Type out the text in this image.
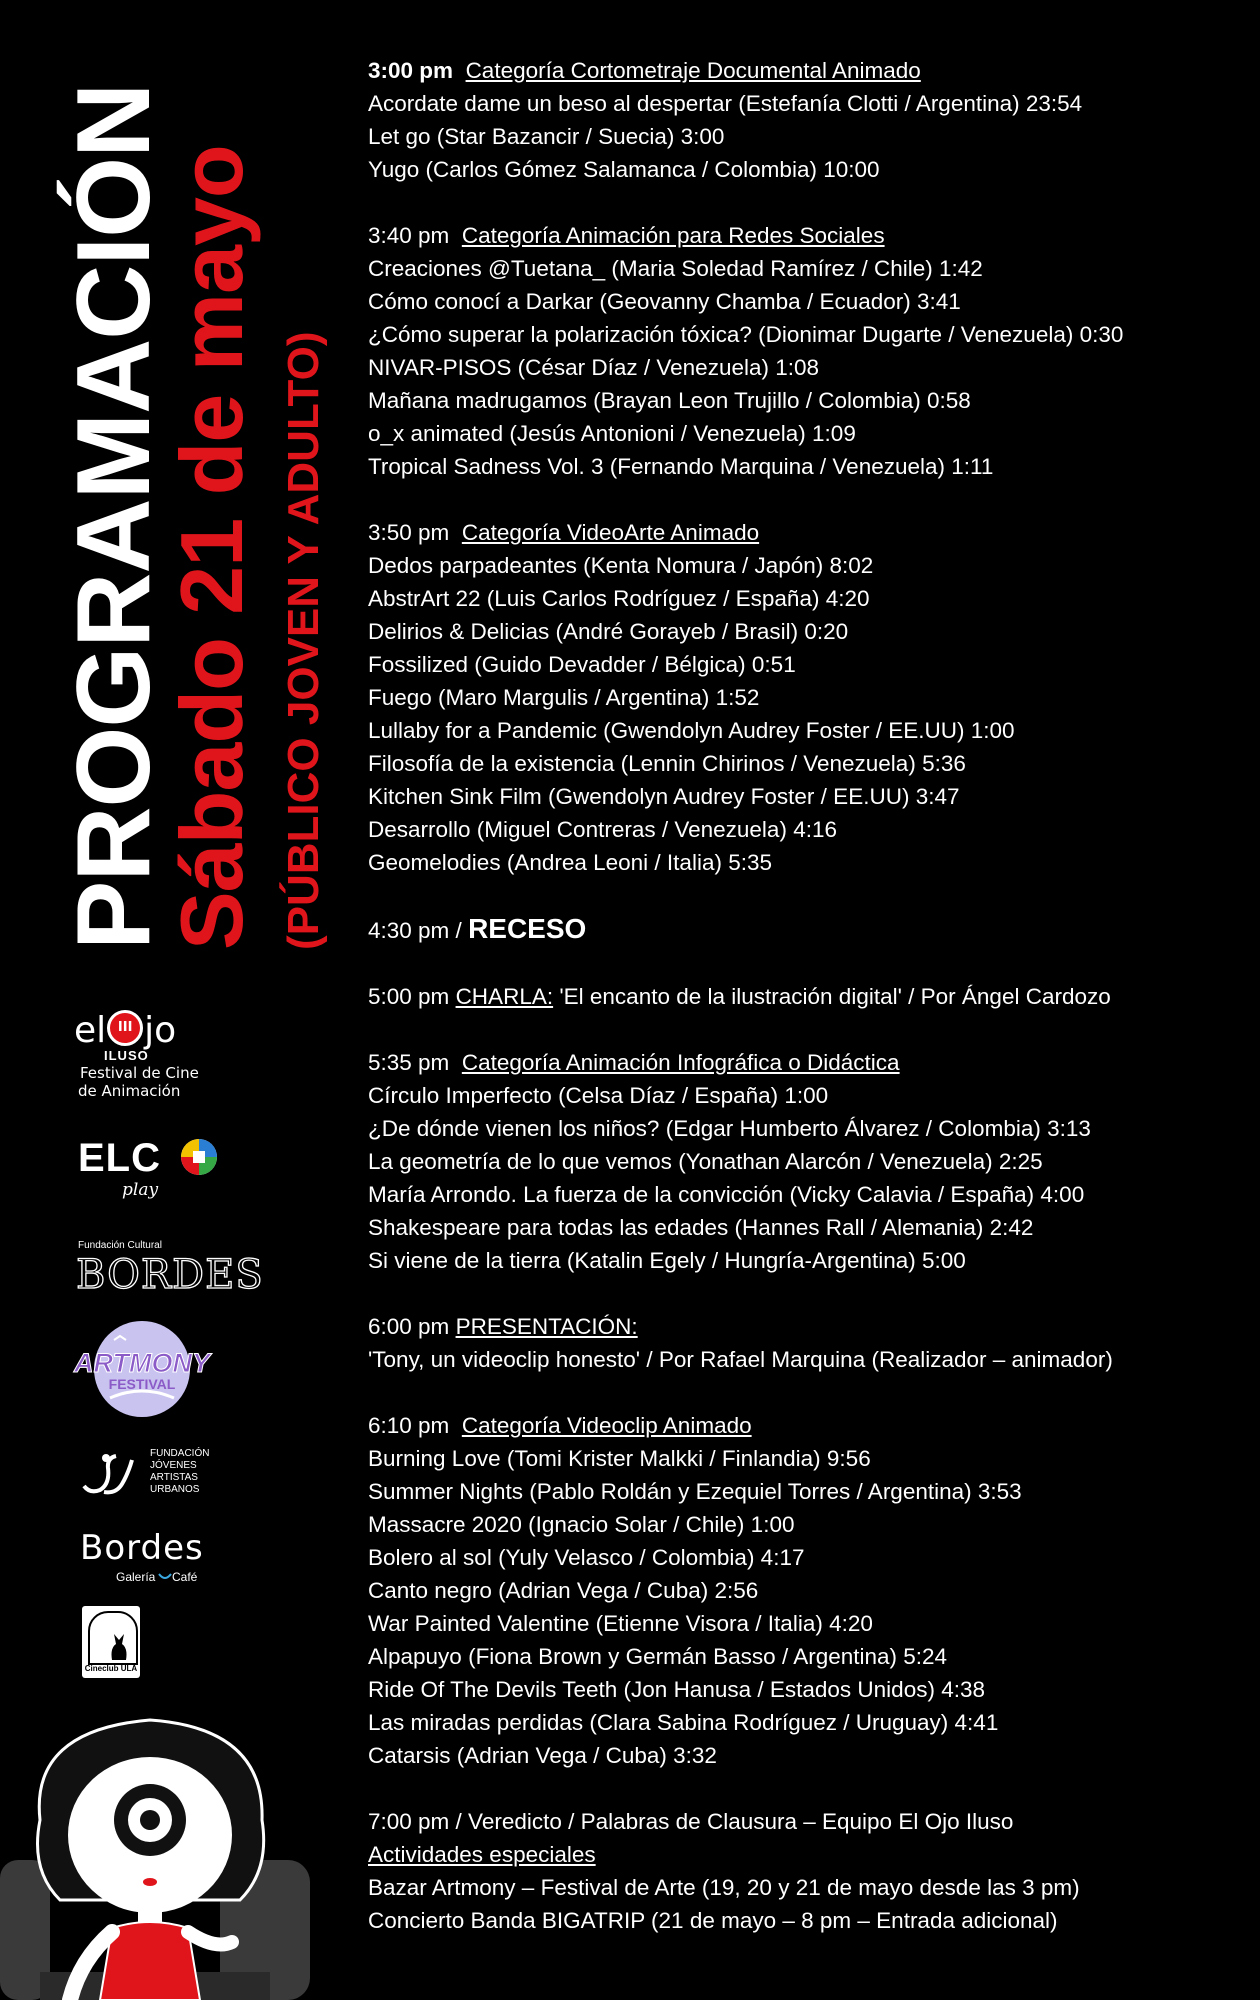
PROGRAMACIÓN
Sábado 21 de mayo (PÚBLICO JOVEN Y ADULTO)
el III jo
ILUSO
Festival de Cine
de Animación
ELC
play
Fundación Cultural
BORDES
ARTMONY
FESTIVAL
FUNDACIÓN
JÓVENES
ARTISTAS
URBANOS
Bordes
Galería Café
Cineclub ULA
3:00 pm Categoría Cortometraje Documental Animado
Acordate dame un beso al despertar (Estefanía Clotti / Argentina) 23:54
Let go (Star Bazancir / Suecia) 3:00
Yugo (Carlos Gómez Salamanca / Colombia) 10:00
3:40 pm Categoría Animación para Redes Sociales
Creaciones @Tuetana_ (Maria Soledad Ramírez / Chile) 1:42
Cómo conocí a Darkar (Geovanny Chamba / Ecuador) 3:41
¿Cómo superar la polarización tóxica? (Dionimar Dugarte / Venezuela) 0:30
NIVAR-PISOS (César Díaz / Venezuela) 1:08
Mañana madrugamos (Brayan Leon Trujillo / Colombia) 0:58
o_x animated (Jesús Antonioni / Venezuela) 1:09
Tropical Sadness Vol. 3 (Fernando Marquina / Venezuela) 1:11
3:50 pm Categoría VideoArte Animado
Dedos parpadeantes (Kenta Nomura / Japón) 8:02
AbstrArt 22 (Luis Carlos Rodríguez / España) 4:20
Delirios & Delicias (André Gorayeb / Brasil) 0:20
Fossilized (Guido Devadder / Bélgica) 0:51
Fuego (Maro Margulis / Argentina) 1:52
Lullaby for a Pandemic (Gwendolyn Audrey Foster / EE.UU) 1:00
Filosofía de la existencia (Lennin Chirinos / Venezuela) 5:36
Kitchen Sink Film (Gwendolyn Audrey Foster / EE.UU) 3:47
Desarrollo (Miguel Contreras / Venezuela) 4:16
Geomelodies (Andrea Leoni / Italia) 5:35
4:30 pm / RECESO
5:00 pm CHARLA: 'El encanto de la ilustración digital' / Por Ángel Cardozo
5:35 pm Categoría Animación Infográfica o Didáctica
Círculo Imperfecto (Celsa Díaz / España) 1:00
¿De dónde vienen los niños? (Edgar Humberto Álvarez / Colombia) 3:13
La geometría de lo que vemos (Yonathan Alarcón / Venezuela) 2:25
María Arrondo. La fuerza de la convicción (Vicky Calavia / España) 4:00
Shakespeare para todas las edades (Hannes Rall / Alemania) 2:42
Si viene de la tierra (Katalin Egely / Hungría-Argentina) 5:00
6:00 pm PRESENTACIÓN:
'Tony, un videoclip honesto' / Por Rafael Marquina (Realizador – animador)
6:10 pm Categoría Videoclip Animado
Burning Love (Tomi Krister Malkki / Finlandia) 9:56
Summer Nights (Pablo Roldán y Ezequiel Torres / Argentina) 3:53
Massacre 2020 (Ignacio Solar / Chile) 1:00
Bolero al sol (Yuly Velasco / Colombia) 4:17
Canto negro (Adrian Vega / Cuba) 2:56
War Painted Valentine (Etienne Visora / Italia) 4:20
Alpapuyo (Fiona Brown y Germán Basso / Argentina) 5:24
Ride Of The Devils Teeth (Jon Hanusa / Estados Unidos) 4:38
Las miradas perdidas (Clara Sabina Rodríguez / Uruguay) 4:41
Catarsis (Adrian Vega / Cuba) 3:32
7:00 pm / Veredicto / Palabras de Clausura – Equipo El Ojo Iluso
Actividades especiales
Bazar Artmony – Festival de Arte (19, 20 y 21 de mayo desde las 3 pm)
Concierto Banda BIGATRIP (21 de mayo – 8 pm – Entrada adicional)
